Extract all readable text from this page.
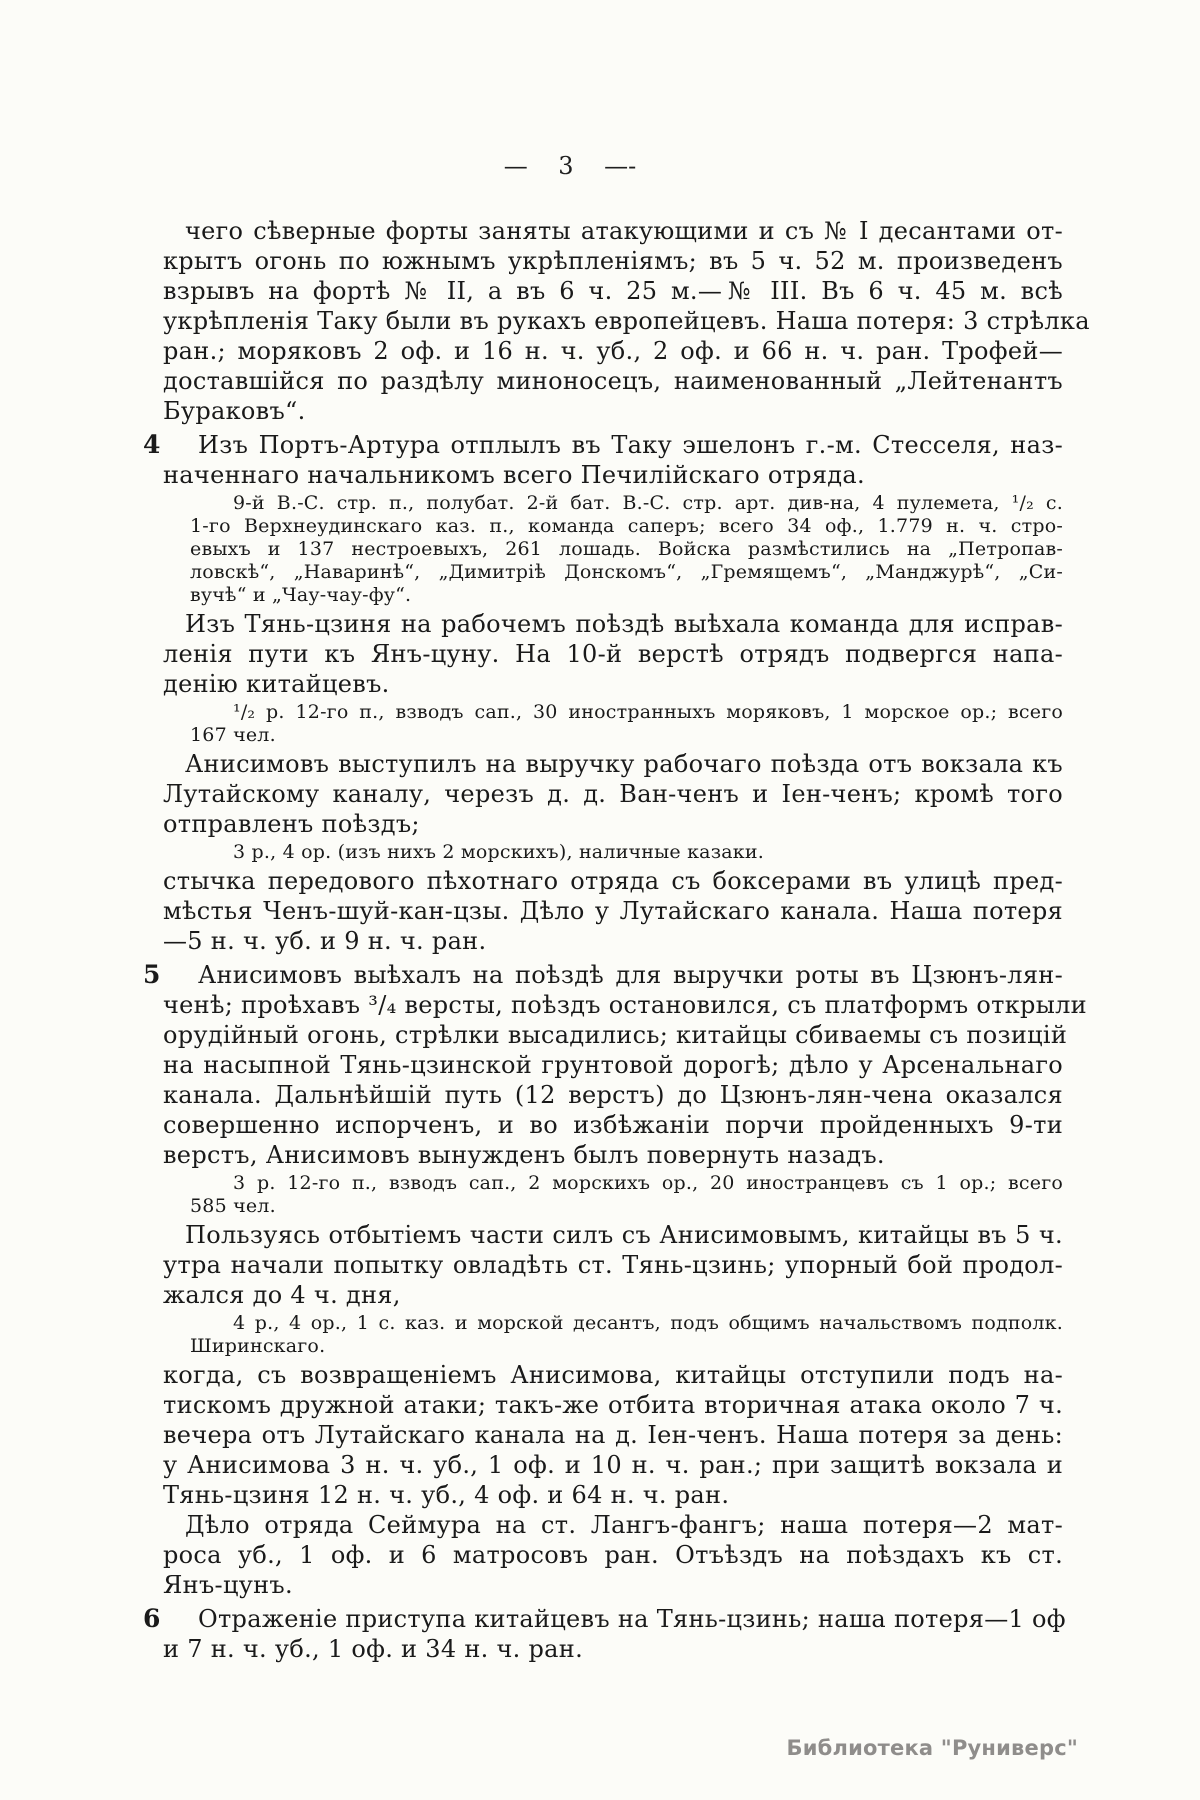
—    3    —-
чего сѣверные форты заняты атакующими и съ № I десантами от-
крытъ огонь по южнымъ укрѣпленіямъ; въ 5 ч. 52 м. произведенъ
взрывъ на фортѣ № II, а въ 6 ч. 25 м.—№ III. Въ 6 ч. 45 м. всѣ
укрѣпленія Таку были въ рукахъ европейцевъ. Наша потеря: 3 стрѣлка
ран.; моряковъ 2 оф. и 16 н. ч. уб., 2 оф. и 66 н. ч. ран. Трофей—
доставшійся по раздѣлу миноносецъ, наименованный „Лейтенантъ
Бураковъ“.
4	Изъ Портъ-Артура отплылъ въ Таку эшелонъ г.-м. Стесселя, наз-
наченнаго начальникомъ всего Печилійскаго отряда.
9-й В.-С. стр. п., полубат. 2-й бат. В.-С. стр. арт. див-на, 4 пулемета, ¹/₂ с.
1-го Верхнеудинскаго каз. п., команда саперъ; всего 34 оф., 1.779 н. ч. стро-
евыхъ и 137 нестроевыхъ, 261 лошадь. Войска размѣстились на „Петропав-
ловскѣ“, „Наваринѣ“, „Димитріѣ Донскомъ“, „Гремящемъ“, „Манджурѣ“, „Си-
вучѣ“ и „Чау-чау-фу“.
Изъ Тянь-цзиня на рабочемъ поѣздѣ выѣхала команда для исправ-
ленія пути къ Янъ-цуну. На 10-й верстѣ отрядъ подвергся напа-
денію китайцевъ.
¹/₂ р. 12-го п., взводъ сап., 30 иностранныхъ моряковъ, 1 морское ор.; всего
167 чел.
Анисимовъ выступилъ на выручку рабочаго поѣзда отъ вокзала къ
Лутайскому каналу, черезъ д. д. Ван-ченъ и Іен-ченъ; кромѣ того
отправленъ поѣздъ;
3 р., 4 ор. (изъ нихъ 2 морскихъ), наличные казаки.
стычка передового пѣхотнаго отряда съ боксерами въ улицѣ пред-
мѣстья Ченъ-шуй-кан-цзы. Дѣло у Лутайскаго канала. Наша потеря
—5 н. ч. уб. и 9 н. ч. ран.
5	Анисимовъ выѣхалъ на поѣздѣ для выручки роты въ Цзюнъ-лян-
ченѣ; проѣхавъ ³/₄ версты, поѣздъ остановился, съ платформъ открыли
орудійный огонь, стрѣлки высадились; китайцы сбиваемы съ позицій
на насыпной Тянь-цзинской грунтовой дорогѣ; дѣло у Арсенальнаго
канала. Дальнѣйшій путь (12 верстъ) до Цзюнъ-лян-чена оказался
совершенно испорченъ, и во избѣжаніи порчи пройденныхъ 9-ти
верстъ, Анисимовъ вынужденъ былъ повернуть назадъ.
3 р. 12-го п., взводъ сап., 2 морскихъ ор., 20 иностранцевъ съ 1 ор.; всего
585 чел.
Пользуясь отбытіемъ части силъ съ Анисимовымъ, китайцы въ 5 ч.
утра начали попытку овладѣть ст. Тянь-цзинь; упорный бой продол-
жался до 4 ч. дня,
4 р., 4 ор., 1 с. каз. и морской десантъ, подъ общимъ начальствомъ подполк.
Ширинскаго.
когда, съ возвращеніемъ Анисимова, китайцы отступили подъ на-
тискомъ дружной атаки; такъ-же отбита вторичная атака около 7 ч.
вечера отъ Лутайскаго канала на д. Іен-ченъ. Наша потеря за день:
у Анисимова 3 н. ч. уб., 1 оф. и 10 н. ч. ран.; при защитѣ вокзала и
Тянь-цзиня 12 н. ч. уб., 4 оф. и 64 н. ч. ран.
Дѣло отряда Сеймура на ст. Лангъ-фангъ; наша потеря—2 мат-
роса уб., 1 оф. и 6 матросовъ ран. Отъѣздъ на поѣздахъ къ ст.
Янъ-цунъ.
6	Отраженіе приступа китайцевъ на Тянь-цзинь; наша потеря—1 оф
и 7 н. ч. уб., 1 оф. и 34 н. ч. ран.
Библиотека "Руниверс"
